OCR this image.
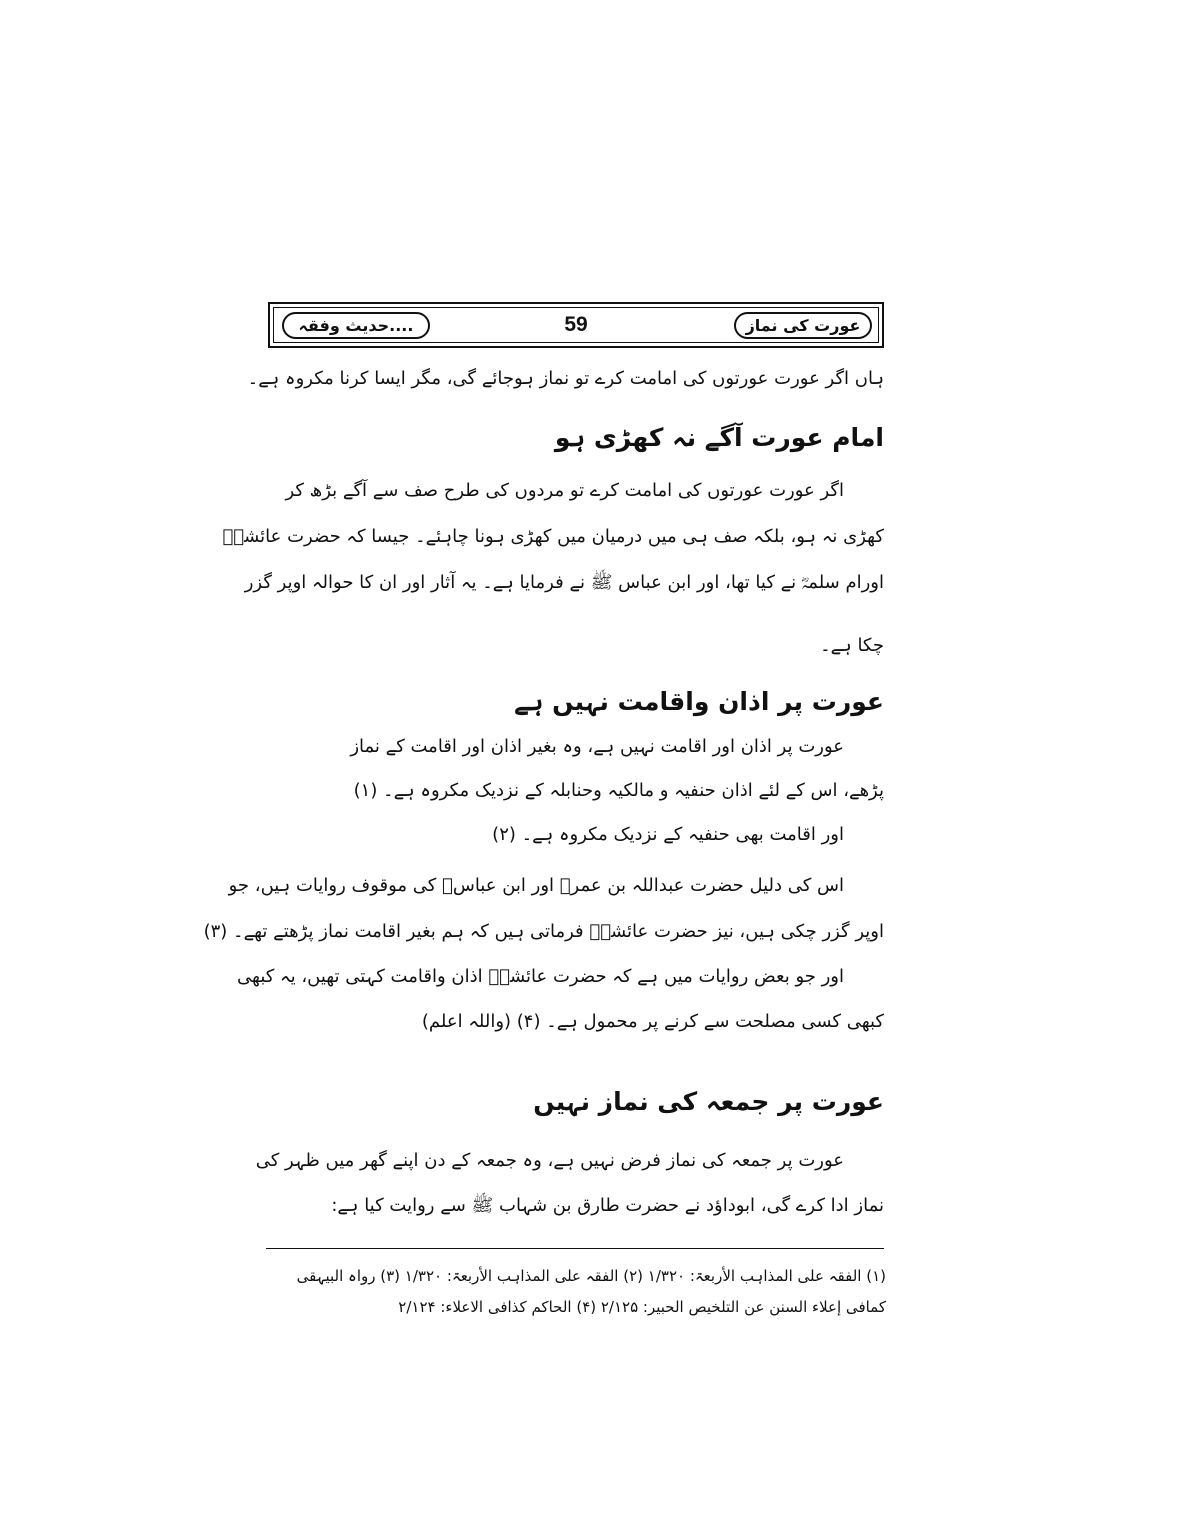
عورت کی نماز
59
حدیث وفقہ....
ہاں اگر عورت عورتوں کی امامت کرے تو نماز ہوجائے گی، مگر ایسا کرنا مکروہ ہے۔
امام عورت آگے نہ کھڑی ہو
اگر عورت عورتوں کی امامت کرے تو مردوں کی طرح صف سے آگے بڑھ کر
کھڑی نہ ہو، بلکہ صف ہی میں درمیان میں کھڑی ہونا چاہئے۔ جیسا کہ حضرت عائشہؓ
اورام سلمہؓ نے کیا تھا، اور ابن عباس ﷺ نے فرمایا ہے۔ یہ آثار اور ان کا حوالہ اوپر گزر
چکا ہے۔
عورت پر اذان واقامت نہیں ہے
عورت پر اذان اور اقامت نہیں ہے، وہ بغیر اذان اور اقامت کے نماز
پڑھے، اس کے لئے اذان حنفیہ و مالکیہ وحنابلہ کے نزدیک مکروہ ہے۔ (۱)
اور اقامت بھی حنفیہ کے نزدیک مکروہ ہے۔ (۲)
اس کی دلیل حضرت عبداللہ بن عمرؓ اور ابن عباسؓ کی موقوف روایات ہیں، جو
اوپر گزر چکی ہیں، نیز حضرت عائشہؓ فرماتی ہیں کہ ہم بغیر اقامت نماز پڑھتے تھے۔ (۳)
اور جو بعض روایات میں ہے کہ حضرت عائشہؓ اذان واقامت کہتی تھیں، یہ کبھی
کبھی کسی مصلحت سے کرنے پر محمول ہے۔ (۴) (واللہ اعلم)
عورت پر جمعہ کی نماز نہیں
عورت پر جمعہ کی نماز فرض نہیں ہے، وہ جمعہ کے دن اپنے گھر میں ظہر کی
نماز ادا کرے گی، ابوداؤد نے حضرت طارق بن شہاب ﷺ سے روایت کیا ہے:
(۱) الفقہ علی المذاہب الأربعۃ: ۱/۳۲۰ (۲) الفقہ علی المذاہب الأربعۃ: ۱/۳۲۰ (۳) رواہ البیہقی
کمافی إعلاء السنن عن التلخیص الحبیر: ۲/۱۲۵ (۴) الحاکم کذافی الاعلاء: ۲/۱۲۴
